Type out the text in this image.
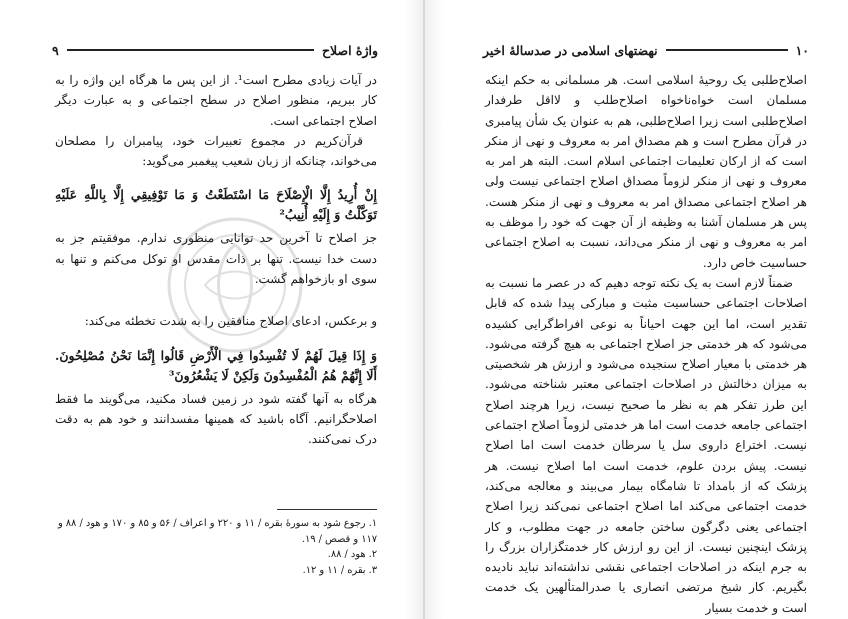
واژهٔ اصلاح
۹

در آیات زیادی مطرح است¹. از این پس ما هرگاه این واژه را به‌ کار ببریم، منظور اصلاح در سطح اجتماعی و به عبارت دیگر اصلاح اجتماعی است.

قرآن‌کریم در مجموع تعبیرات خود، پیامبران را مصلحان می‌خواند، چنانکه از زبان شعیب پیغمبر می‌گوید:

إِنْ أُرِيدُ إِلَّا الْإِصْلَاحَ مَا اسْتَطَعْتُ وَ مَا تَوْفِيقِي إِلَّا بِاللَّهِ عَلَيْهِ تَوَكَّلْتُ وَ إِلَيْهِ أُنِيبُ²

جز اصلاح تا آخرین حد توانایی منظوری ندارم. موفقیتم جز به دست خدا نیست. تنها بر ذات مقدس او توکل می‌کنم و تنها به سوی او بازخواهم گشت.

و برعکس، ادعای اصلاح منافقین را به شدت تخطئه می‌کند:

وَ إِذَا قِيلَ لَهُمْ لَا تُفْسِدُوا فِي الْأَرْضِ قَالُوا إِنَّمَا نَحْنُ مُصْلِحُونَ. أَلَا إِنَّهُمْ هُمُ الْمُفْسِدُونَ وَلَكِنْ لَا يَشْعُرُونَ³

هرگاه به آنها گفته شود در زمین فساد مکنید، می‌گویند ما فقط اصلاحگرانیم. آگاه باشید که همینها مفسدانند و خود هم به دقت درک نمی‌کنند.

۱. رجوع شود به سورهٔ بقره / ۱۱ و ۲۲۰ و اعراف / ۵۶ و ۸۵ و ۱۷۰ و هود / ۸۸ و ۱۱۷ و قصص / ۱۹.
۲. هود / ۸۸.
۳. بقره / ۱۱ و ۱۲.
۱۰
نهضتهای اسلامی در صدسالهٔ اخیر

اصلاح‌طلبی یک روحیهٔ اسلامی است. هر مسلمانی به حکم اینکه مسلمان است خواه‌ناخواه اصلاح‌طلب و لااقل طرفدار اصلاح‌طلبی است زیرا اصلاح‌طلبی، هم به عنوان یک شأن پیامبری در قرآن مطرح است و هم مصداق امر به معروف و نهی از منکر است که از ارکان تعلیمات اجتماعی اسلام است. البته هر امر به معروف و نهی از منکر لزوماً مصداق اصلاح اجتماعی نیست ولی هر اصلاح اجتماعی مصداق امر به معروف و نهی از منکر هست. پس هر مسلمان آشنا به وظیفه از آن جهت که خود را موظف به امر به معروف و نهی از منکر می‌داند، نسبت به اصلاح اجتماعی حساسیت خاص دارد.

ضمناً لازم است به یک نکته توجه دهیم که در عصر ما نسبت به اصلاحات اجتماعی حساسیت مثبت و مبارکی پیدا شده که قابل تقدیر است، اما این جهت احیاناً به نوعی افراط‌گرایی کشیده می‌شود که هر خدمتی جز اصلاح اجتماعی به هیچ گرفته می‌شود. هر خدمتی با معیار اصلاح سنجیده می‌شود و ارزش هر شخصیتی به میزان دخالتش در اصلاحات اجتماعی معتبر شناخته می‌شود. این طرز تفکر هم به نظر ما صحیح نیست، زیرا هرچند اصلاح اجتماعی جامعه خدمت است اما هر خدمتی لزوماً اصلاح اجتماعی نیست. اختراع داروی سل یا سرطان خدمت است اما اصلاح نیست. پیش بردن علوم، خدمت است اما اصلاح نیست. هر پزشک که از بامداد تا شامگاه بیمار می‌بیند و معالجه می‌کند، خدمت اجتماعی می‌کند اما اصلاح اجتماعی نمی‌کند زیرا اصلاح اجتماعی یعنی دگرگون ساختن جامعه در جهت مطلوب، و کار پزشک اینچنین نیست. از این رو ارزش کار خدمتگزاران بزرگ را به جرم اینکه در اصلاحات اجتماعی نقشی نداشته‌اند نباید نادیده بگیریم. کار شیخ مرتضی انصاری یا صدرالمتألهین یک خدمت است و خدمت بسیار
